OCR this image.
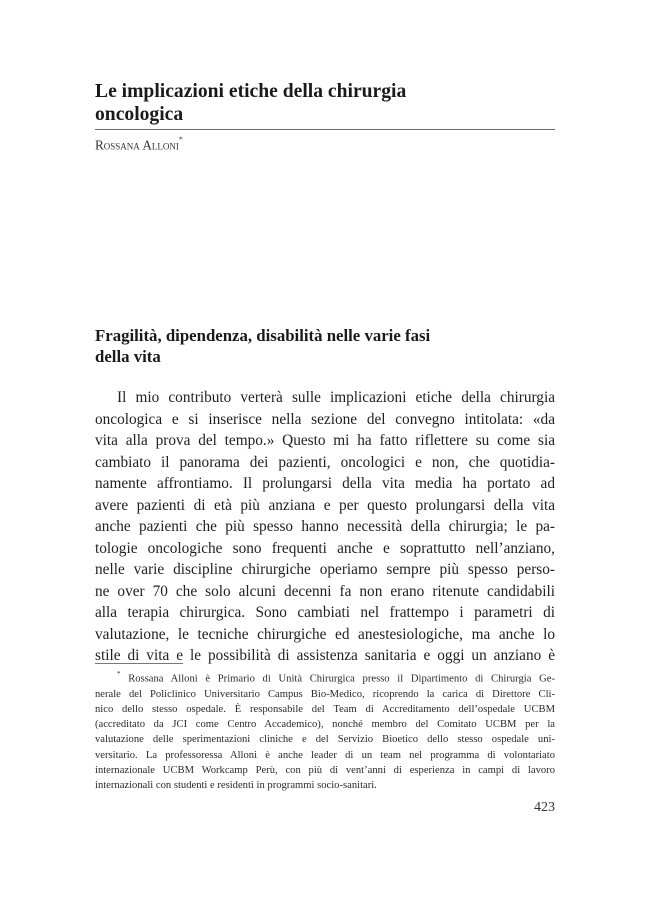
Le implicazioni etiche della chirurgia
oncologica
Rossana Alloni*
Fragilità, dipendenza, disabilità nelle varie fasi
della vita
Il mio contributo verterà sulle implicazioni etiche della chirurgia
oncologica e si inserisce nella sezione del convegno intitolata: «da
vita alla prova del tempo.» Questo mi ha fatto riflettere su come sia
cambiato il panorama dei pazienti, oncologici e non, che quotidia-
namente affrontiamo. Il prolungarsi della vita media ha portato ad
avere pazienti di età più anziana e per questo prolungarsi della vita
anche pazienti che più spesso hanno necessità della chirurgia; le pa-
tologie oncologiche sono frequenti anche e soprattutto nell’anziano,
nelle varie discipline chirurgiche operiamo sempre più spesso perso-
ne over 70 che solo alcuni decenni fa non erano ritenute candidabili
alla terapia chirurgica. Sono cambiati nel frattempo i parametri di
valutazione, le tecniche chirurgiche ed anestesiologiche, ma anche lo
stile di vita e le possibilità di assistenza sanitaria e oggi un anziano è
* Rossana Alloni è Primario di Unità Chirurgica presso il Dipartimento di Chirurgia Ge-
nerale del Policlinico Universitario Campus Bio-Medico, ricoprendo la carica di Direttore Cli-
nico dello stesso ospedale. È responsabile del Team di Accreditamento dell’ospedale UCBM
(accreditato da JCI come Centro Accademico), nonché membro del Comitato UCBM per la
valutazione delle sperimentazioni cliniche e del Servizio Bioetico dello stesso ospedale uni-
versitario. La professoressa Alloni è anche leader di un team nel programma di volontariato
internazionale UCBM Workcamp Perù, con più di vent’anni di esperienza in campi di lavoro
internazionali con studenti e residenti in programmi socio-sanitari.
423
